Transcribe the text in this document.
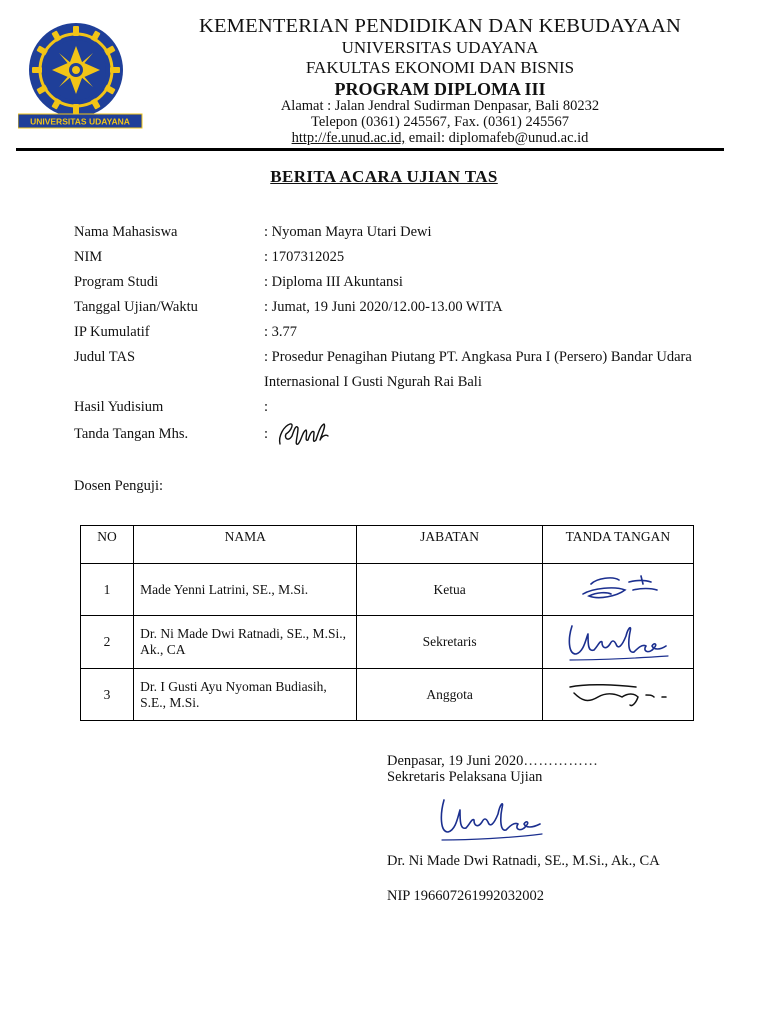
UNIVERSITAS UDAYANA
KEMENTERIAN PENDIDIKAN DAN KEBUDAYAAN
UNIVERSITAS UDAYANA
FAKULTAS EKONOMI DAN BISNIS
PROGRAM DIPLOMA III
Alamat : Jalan Jendral Sudirman Denpasar, Bali 80232
Telepon (0361) 245567, Fax. (0361) 245567
http://fe.unud.ac.id, email: diplomafeb@unud.ac.id
BERITA ACARA UJIAN TAS
Nama Mahasiswa	: Nyoman Mayra Utari Dewi
NIM	: 1707312025
Program Studi	: Diploma III Akuntansi
Tanggal Ujian/Waktu	: Jumat, 19 Juni 2020/12.00-13.00 WITA
IP Kumulatif	: 3.77
Judul TAS	: Prosedur Penagihan Piutang PT. Angkasa Pura I (Persero) Bandar Udara Internasional I Gusti Ngurah Rai Bali
Hasil Yudisium	:
Tanda Tangan Mhs.	:
Dosen Penguji:
NO	NAMA	JABATAN	TANDA TANGAN
1	Made Yenni Latrini, SE., M.Si.	Ketua	

2	Dr. Ni Made Dwi Ratnadi, SE., M.Si., Ak., CA	Sekretaris	

3	Dr. I Gusti Ayu Nyoman Budiasih, S.E., M.Si.	Anggota	
Denpasar, 19 Juni 2020……………
Sekretaris Pelaksana Ujian
Dr. Ni Made Dwi Ratnadi, SE., M.Si., Ak., CA
NIP 196607261992032002
